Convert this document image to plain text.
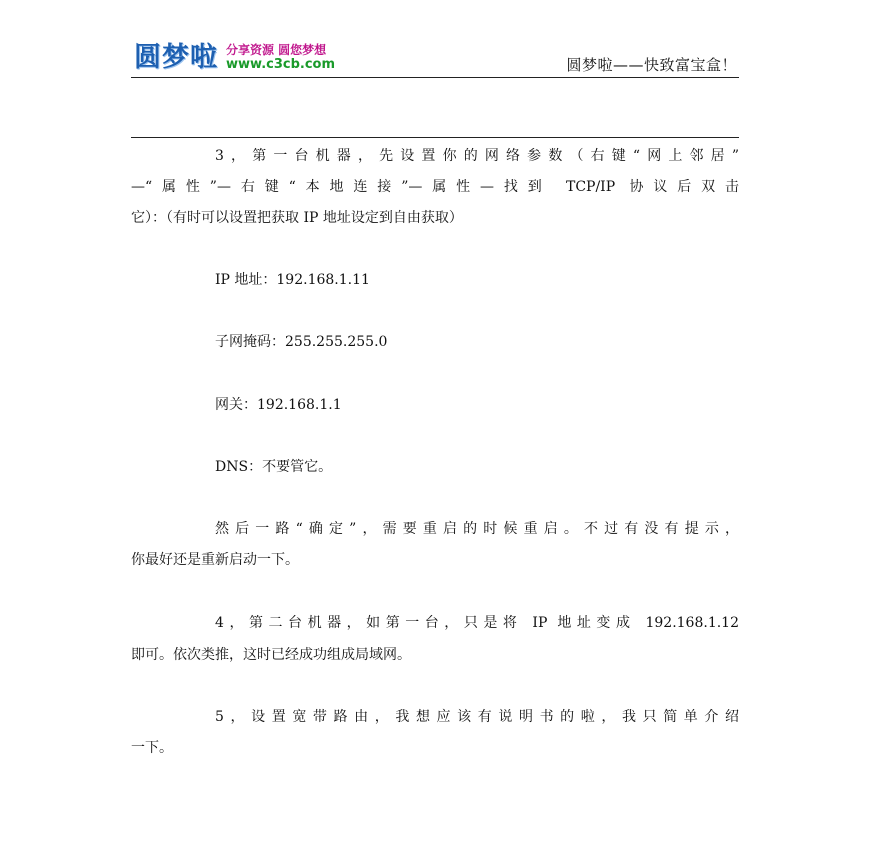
圆梦啦 分享资源 圆您梦想
www.c3cb.com	圆梦啦——快致富宝盒！
3，第一台机器，先设置你的网络参数（右键“网上邻居”
—“属性”—右键“本地连接”—属性—找到 TCP/IP 协议后双击
它）：（有时可以设置把获取 IP 地址设定到自由获取）
IP 地址：192.168.1.11
子网掩码：255.255.255.0
网关：192.168.1.1
DNS：不要管它。
然后一路“确定”，需要重启的时候重启。不过有没有提示，
你最好还是重新启动一下。
4，第二台机器，如第一台，只是将 IP 地址变成 192.168.1.12
即可。依次类推，这时已经成功组成局域网。
5，设置宽带路由，我想应该有说明书的啦，我只简单介绍
一下。
